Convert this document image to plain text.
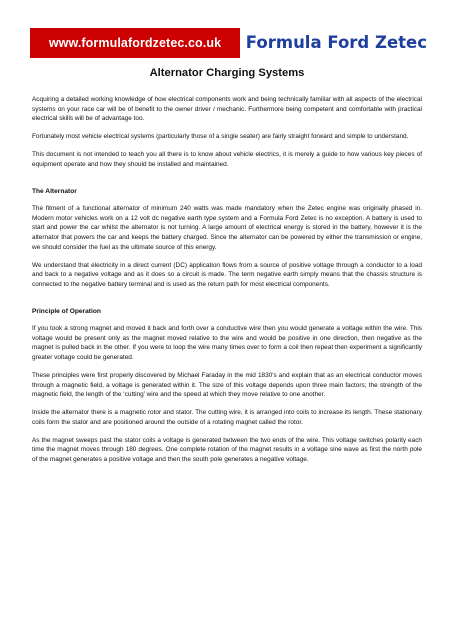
www.formulafordzetec.co.uk	Formula Ford Zetec
Alternator Charging Systems

Acquiring a detailed working knowledge of how electrical components work and being technically familiar with all aspects of the electrical systems on your race car will be of benefit to the owner driver / mechanic. Furthermore being competent and comfortable with practical electrical skills will be of advantage too.

Fortunately most vehicle electrical systems (particularly those of a single seater) are fairly straight forward and simple to understand.

This document is not intended to teach you all there is to know about vehicle electrics, it is merely a guide to how various key pieces of equipment operate and how they should be installed and maintained.

The Alternator

The fitment of a functional alternator of minimum 240 watts was made mandatory when the Zetec engine was originally phased in. Modern motor vehicles work on a 12 volt dc negative earth type system and a Formula Ford Zetec is no exception. A battery is used to start and power the car whilst the alternator is not turning. A large amount of electrical energy is stored in the battery, however it is the alternator that powers the car and keeps the battery charged. Since the alternator can be powered by either the transmission or engine, we should consider the fuel as the ultimate source of this energy.

We understand that electricity in a direct current (DC) application flows from a source of positive voltage through a conductor to a load and back to a negative voltage and as it does so a circuit is made. The term negative earth simply means that the chassis structure is connected to the negative battery terminal and is used as the return path for most electrical components.

Principle of Operation

If you took a strong magnet and moved it back and forth over a conductive wire then you would generate a voltage within the wire. This voltage would be present only as the magnet moved relative to the wire and would be positive in one direction, then negative as the magnet is pulled back in the other. If you were to loop the wire many times over to form a coil then repeat then experiment a significantly greater voltage could be generated.

These principles were first properly discovered by Michael Faraday in the mid 1830's and explain that as an electrical conductor moves through a magnetic field, a voltage is generated within it. The size of this voltage depends upon three main factors; the strength of the magnetic field, the length of the ‘cutting’ wire and the speed at which they move relative to one another.

Inside the alternator there is a magnetic rotor and stator. The cutting wire, it is arranged into coils to increase its length. These stationary coils form the stator and are positioned around the outside of a rotating magnet called the rotor.

As the magnet sweeps past the stator coils a voltage is generated between the two ends of the wire. This voltage switches polarity each time the magnet moves through 180 degrees. One complete rotation of the magnet results in a voltage sine wave as first the north pole of the magnet generates a positive voltage and then the south pole generates a negative voltage.
